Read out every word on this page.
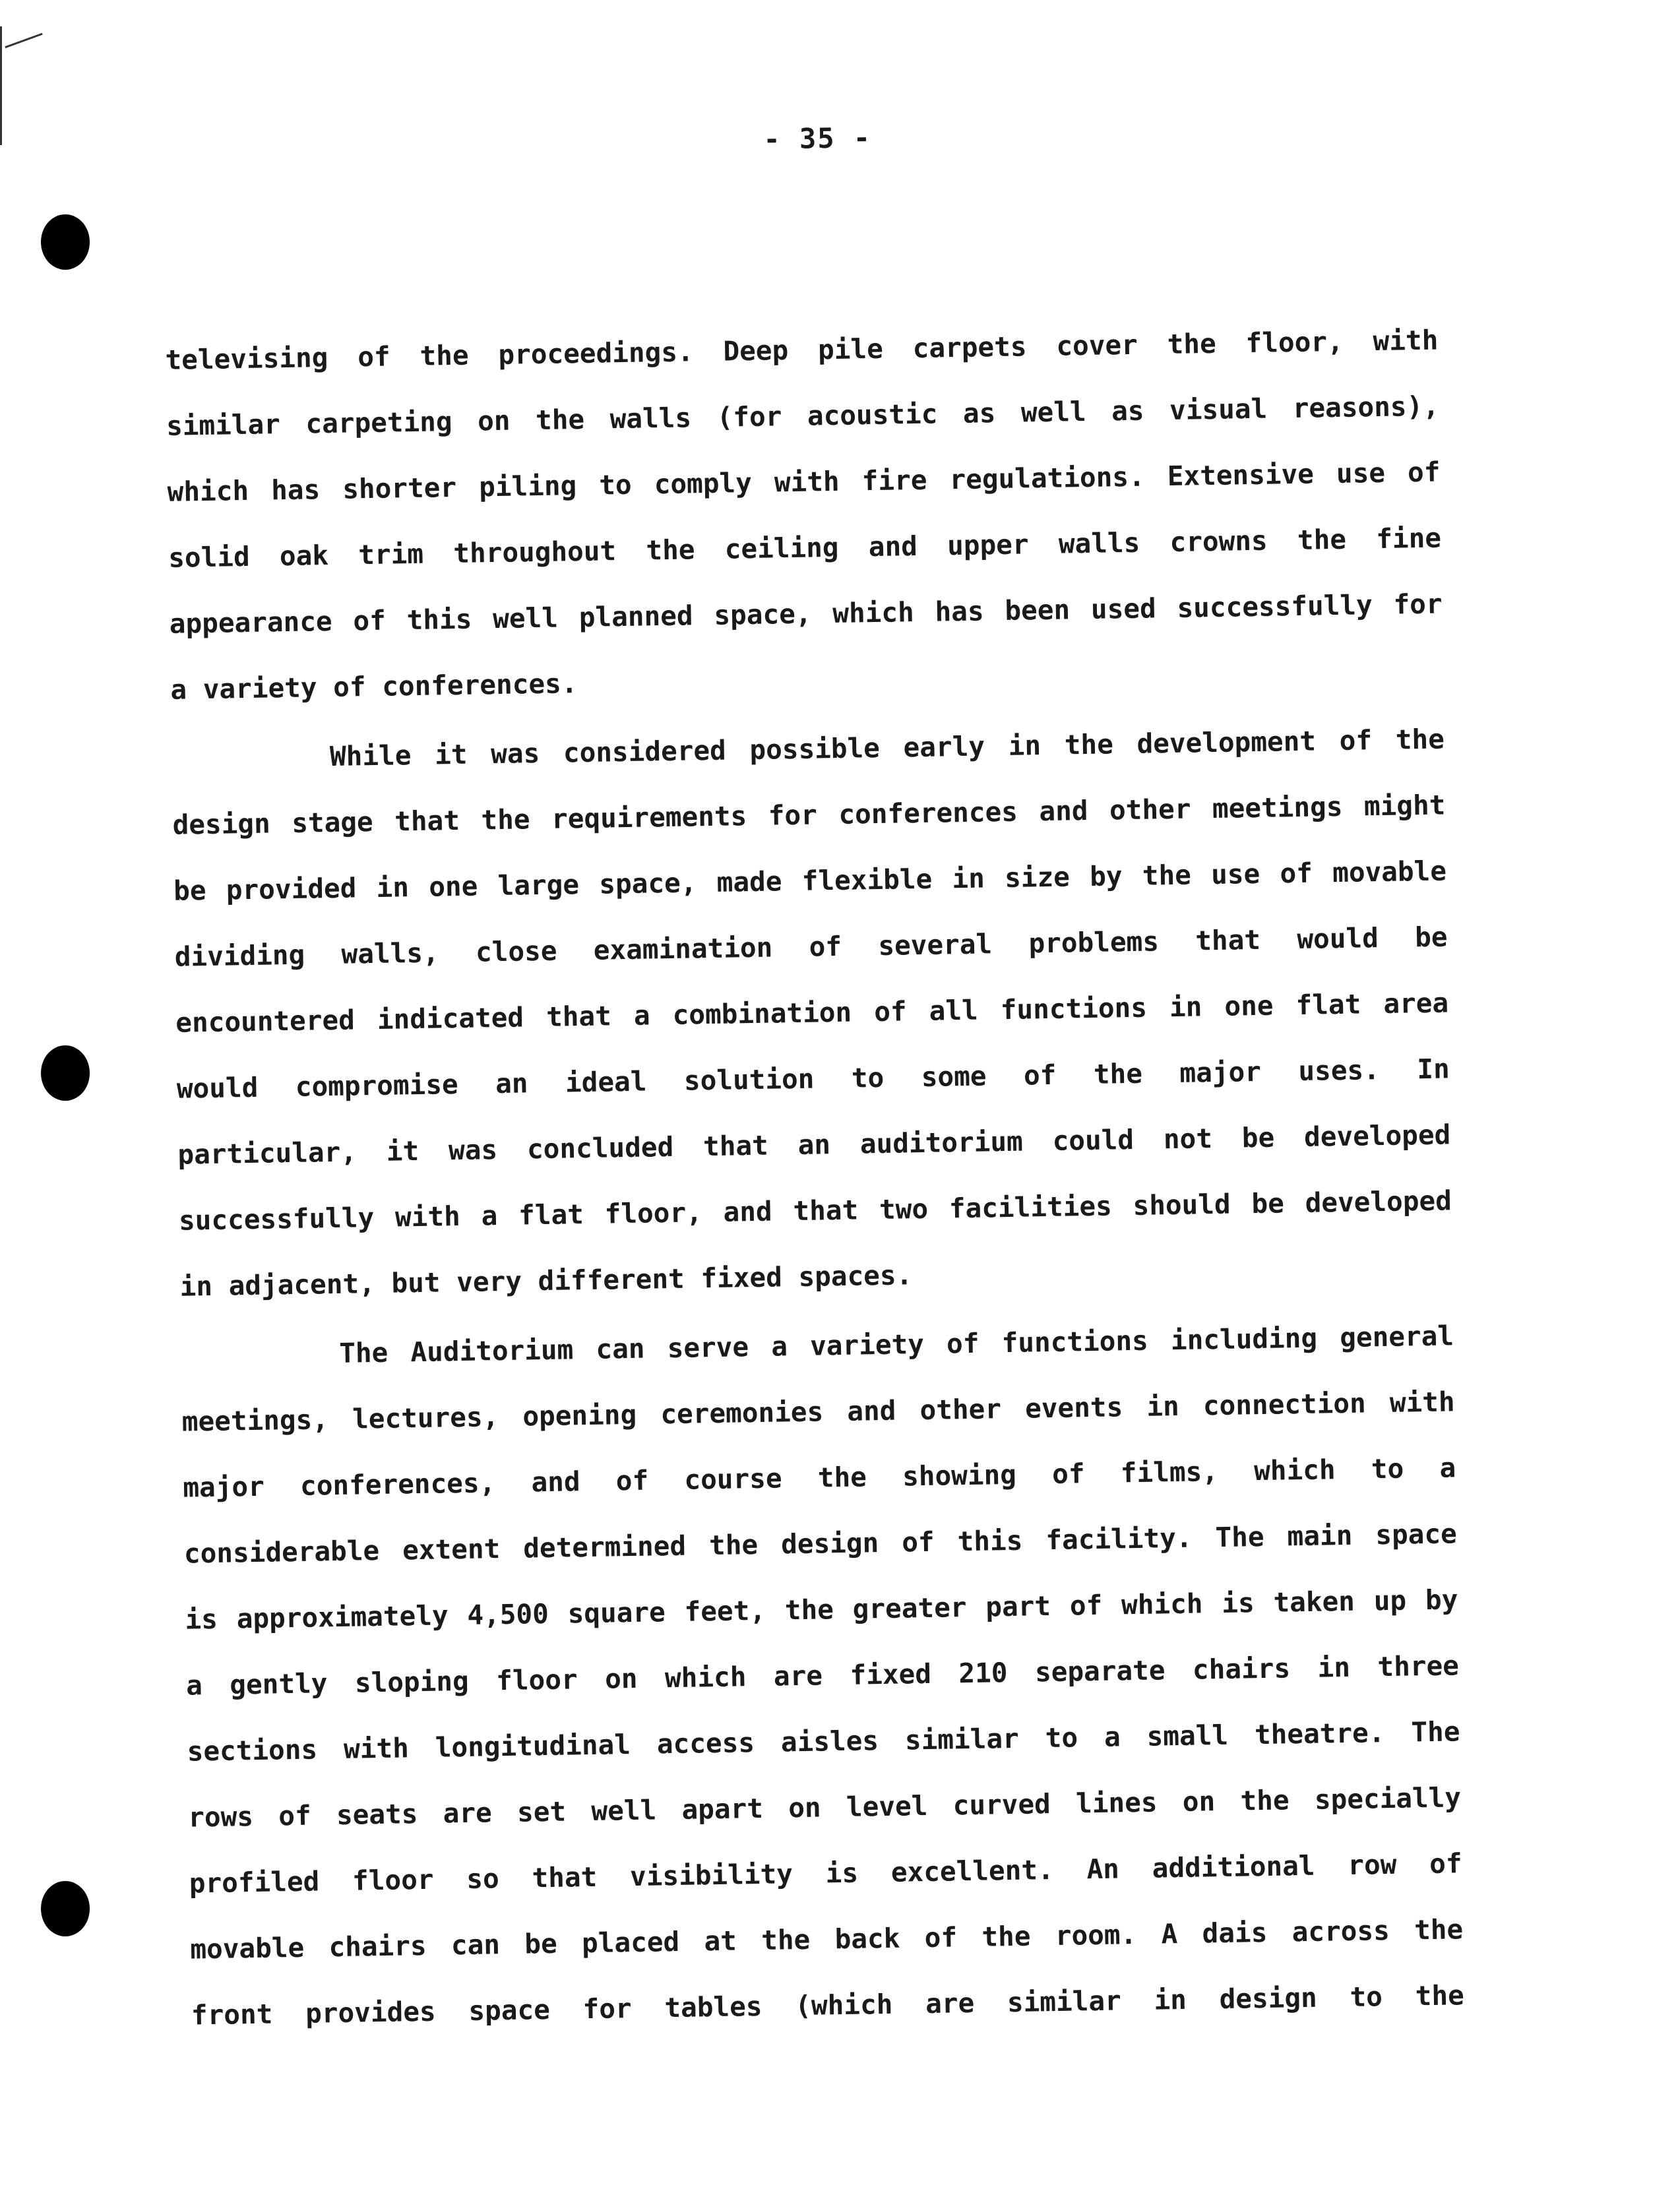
- 35 -
televising of the proceedings. Deep pile carpets cover the floor, with
similar carpeting on the walls (for acoustic as well as visual reasons),
which has shorter piling to comply with fire regulations. Extensive use of
solid oak trim throughout the ceiling and upper walls crowns the fine
appearance of this well planned space, which has been used successfully for
a variety of conferences.
While it was considered possible early in the development of the
design stage that the requirements for conferences and other meetings might
be provided in one large space, made flexible in size by the use of movable
dividing walls, close examination of several problems that would be
encountered indicated that a combination of all functions in one flat area
would compromise an ideal solution to some of the major uses. In
particular, it was concluded that an auditorium could not be developed
successfully with a flat floor, and that two facilities should be developed
in adjacent, but very different fixed spaces.
The Auditorium can serve a variety of functions including general
meetings, lectures, opening ceremonies and other events in connection with
major conferences, and of course the showing of films, which to a
considerable extent determined the design of this facility. The main space
is approximately 4,500 square feet, the greater part of which is taken up by
a gently sloping floor on which are fixed 210 separate chairs in three
sections with longitudinal access aisles similar to a small theatre. The
rows of seats are set well apart on level curved lines on the specially
profiled floor so that visibility is excellent. An additional row of
movable chairs can be placed at the back of the room. A dais across the
front provides space for tables (which are similar in design to the
